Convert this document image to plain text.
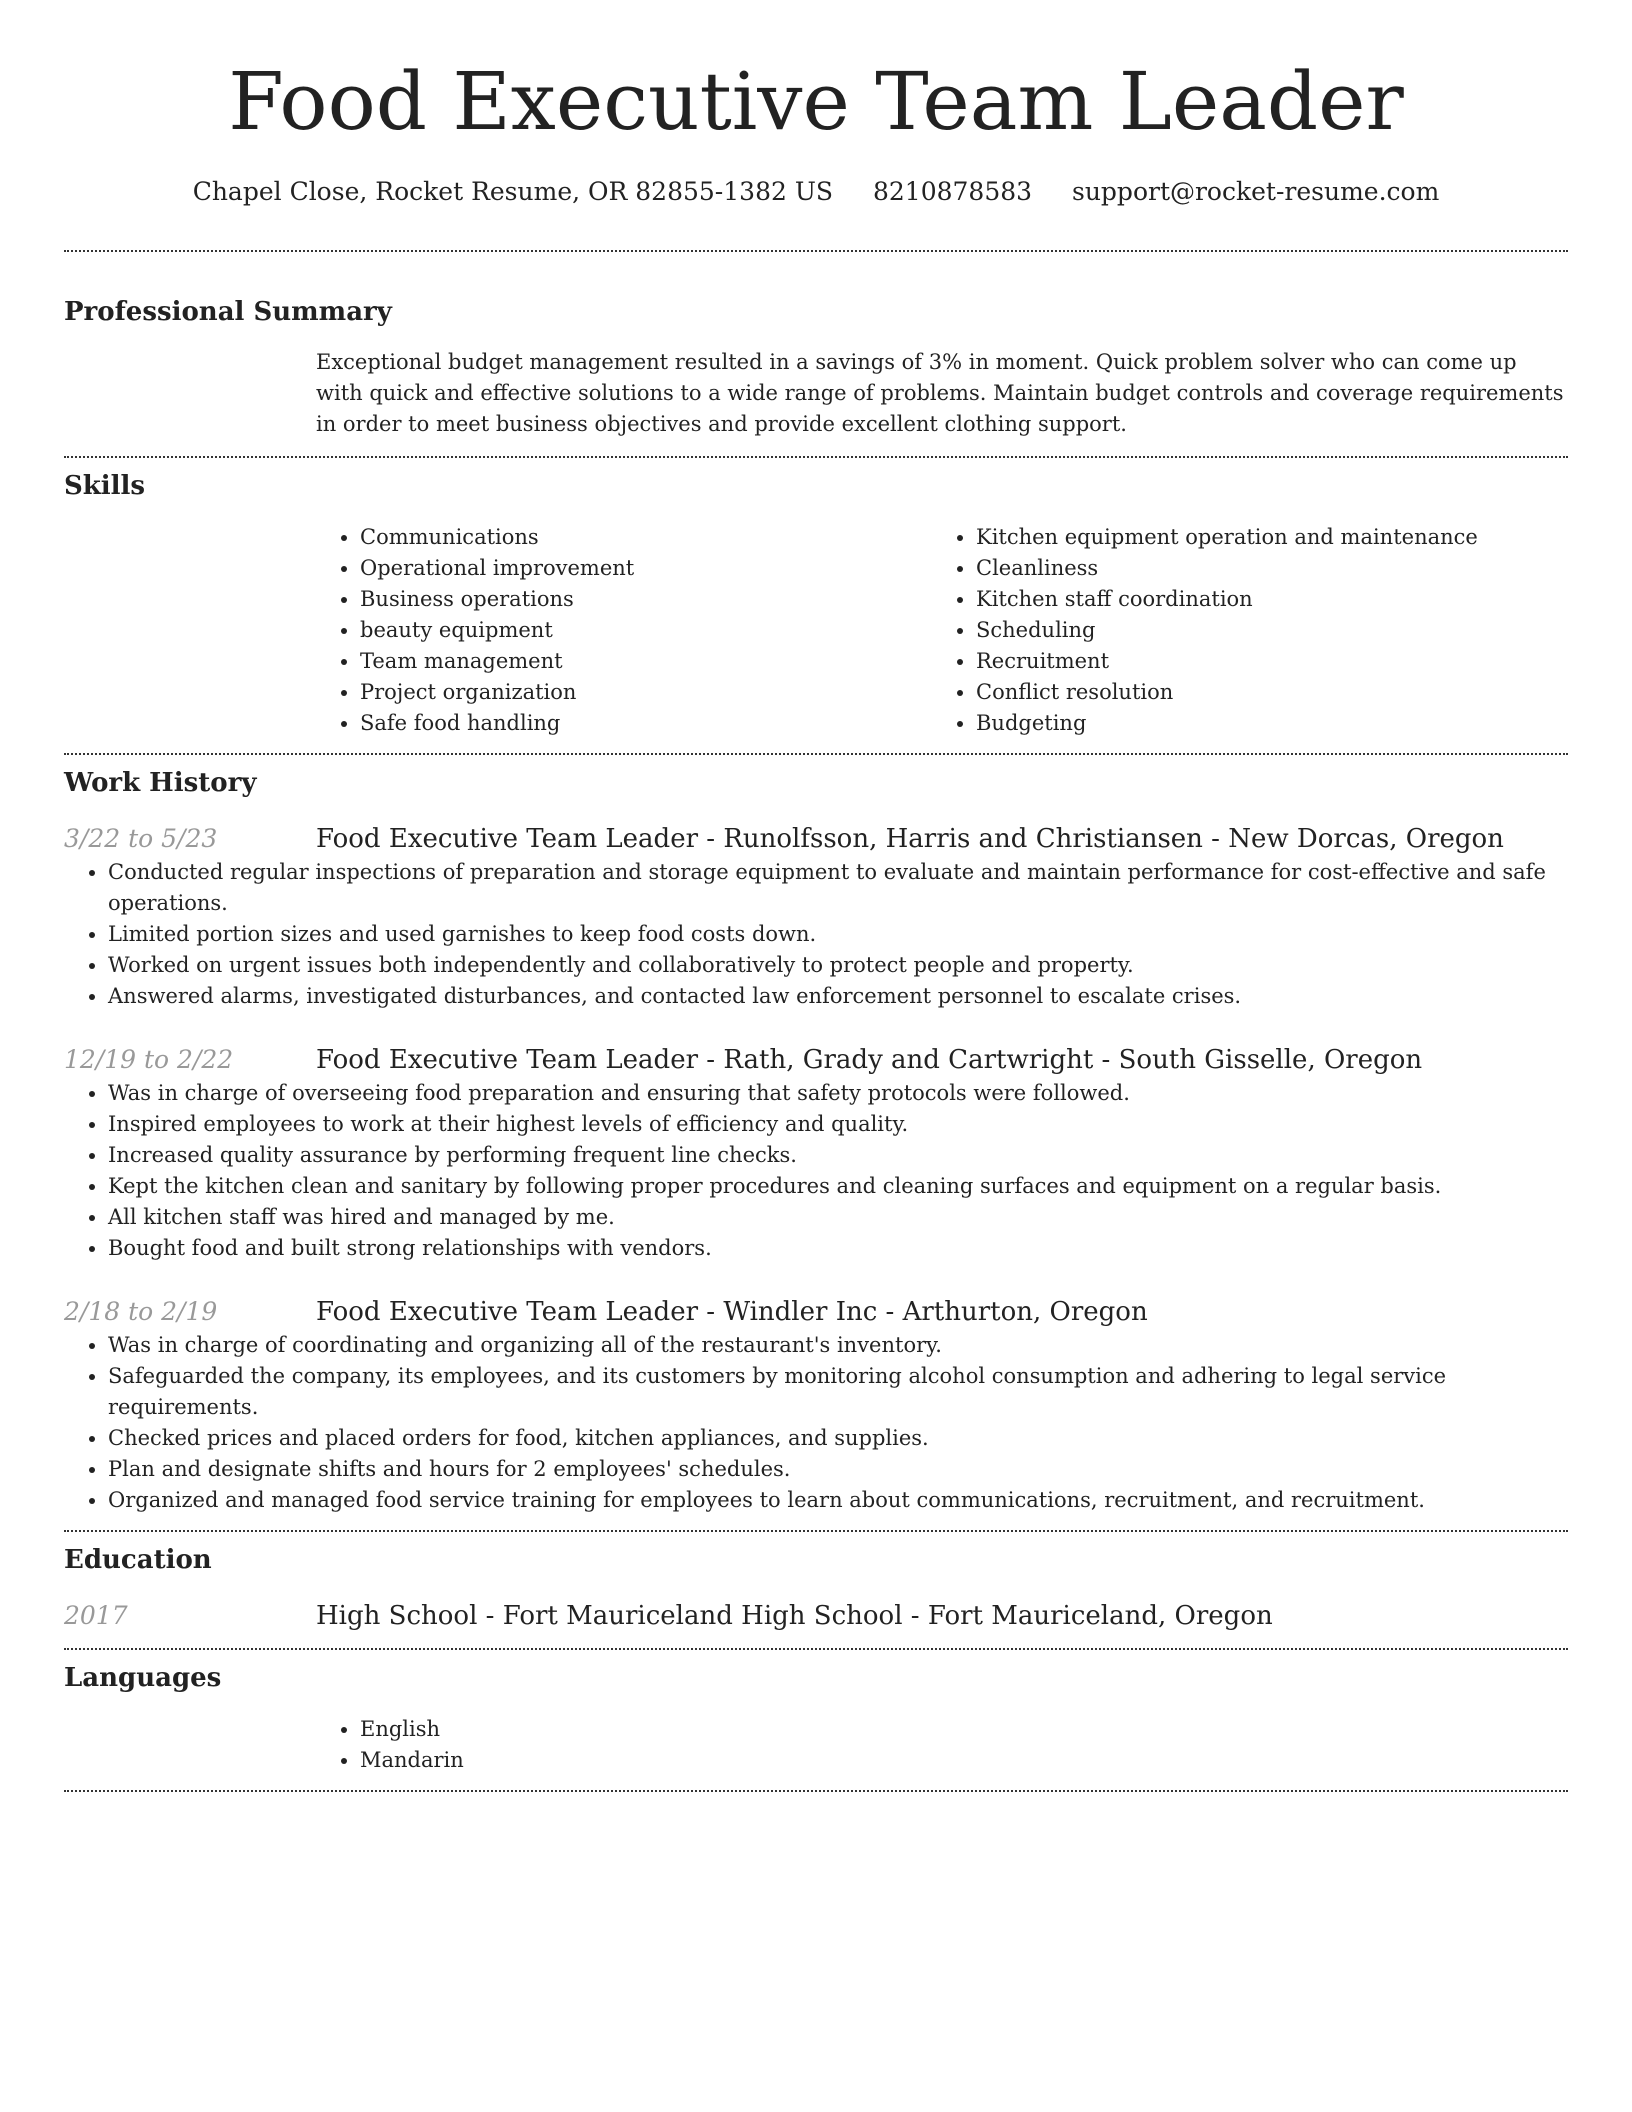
Food Executive Team Leader
Chapel Close, Rocket Resume, OR 82855-1382 US 8210878583 support@rocket-resume.com
Professional Summary

Exceptional budget management resulted in a savings of 3% in moment. Quick problem solver who can come up with quick and effective solutions to a wide range of problems. Maintain budget controls and coverage requirements in order to meet business objectives and provide excellent clothing support.

Skills
• Communications
• Operational improvement
• Business operations
• beauty equipment
• Team management
• Project organization
• Safe food handling
• Kitchen equipment operation and maintenance
• Cleanliness
• Kitchen staff coordination
• Scheduling
• Recruitment
• Conflict resolution
• Budgeting
Work History
3/22 to 5/23	Food Executive Team Leader - Runolfsson, Harris and Christiansen - New Dorcas, Oregon
• Conducted regular inspections of preparation and storage equipment to evaluate and maintain performance for cost-effective and safe operations.
• Limited portion sizes and used garnishes to keep food costs down.
• Worked on urgent issues both independently and collaboratively to protect people and property.
• Answered alarms, investigated disturbances, and contacted law enforcement personnel to escalate crises.
12/19 to 2/22	Food Executive Team Leader - Rath, Grady and Cartwright - South Gisselle, Oregon
• Was in charge of overseeing food preparation and ensuring that safety protocols were followed.
• Inspired employees to work at their highest levels of efficiency and quality.
• Increased quality assurance by performing frequent line checks.
• Kept the kitchen clean and sanitary by following proper procedures and cleaning surfaces and equipment on a regular basis.
• All kitchen staff was hired and managed by me.
• Bought food and built strong relationships with vendors.
2/18 to 2/19	Food Executive Team Leader - Windler Inc - Arthurton, Oregon
• Was in charge of coordinating and organizing all of the restaurant's inventory.
• Safeguarded the company, its employees, and its customers by monitoring alcohol consumption and adhering to legal service requirements.
• Checked prices and placed orders for food, kitchen appliances, and supplies.
• Plan and designate shifts and hours for 2 employees' schedules.
• Organized and managed food service training for employees to learn about communications, recruitment, and recruitment.
Education
2017	High School - Fort Mauriceland High School - Fort Mauriceland, Oregon
Languages
• English
• Mandarin
